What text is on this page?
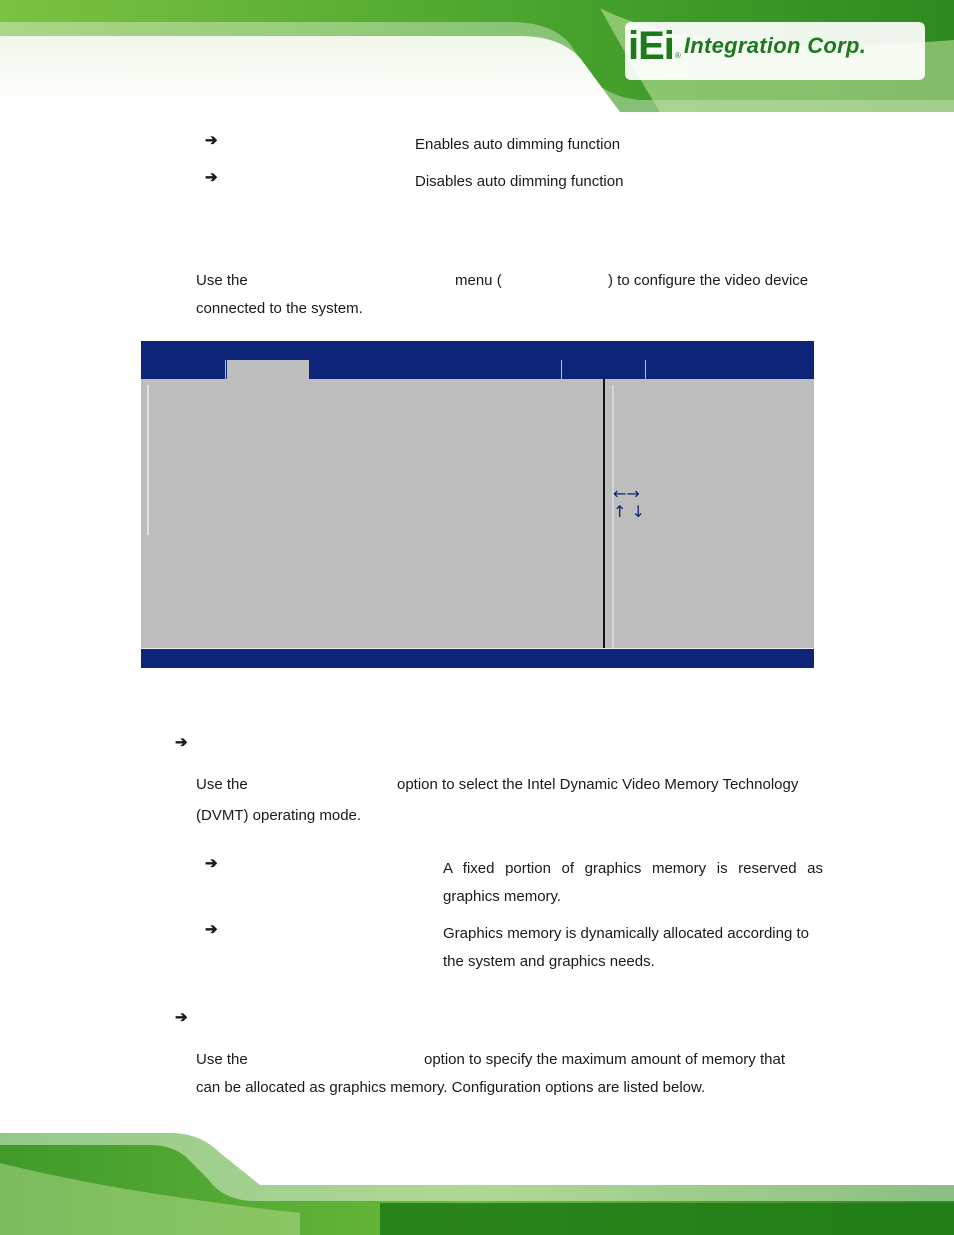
iEi ® Integration Corp.
➔	Enables auto dimming function
➔	Disables auto dimming function
Use the	menu (	) to configure the video device
connected to the system.
←→
↑ ↓
➔
Use the	option to select the Intel Dynamic Video Memory Technology
(DVMT) operating mode.
➔	A fixed portion of graphics memory is reserved as
graphics memory.
➔	Graphics memory is dynamically allocated according to
the system and graphics needs.
➔
Use the	option to specify the maximum amount of memory that
can be allocated as graphics memory. Configuration options are listed below.
